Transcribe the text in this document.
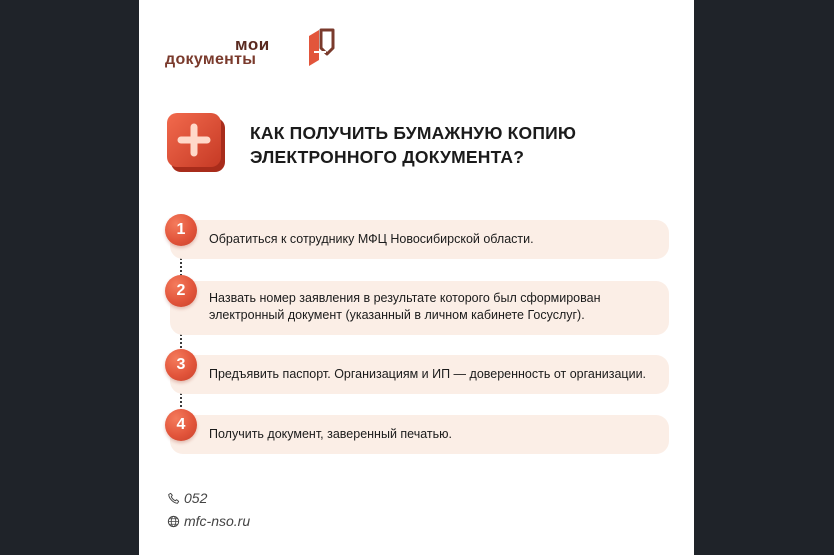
мои
документы
КАК ПОЛУЧИТЬ БУМАЖНУЮ КОПИЮ
ЭЛЕКТРОННОГО ДОКУМЕНТА?
Обратиться к сотруднику МФЦ Новосибирской области.
1
Назвать номер заявления в результате которого был сформирован
электронный документ (указанный в личном кабинете Госуслуг).
2
Предъявить паспорт. Организациям и ИП — доверенность от организации.
3
Получить документ, заверенный печатью.
4
052
mfc-nso.ru
